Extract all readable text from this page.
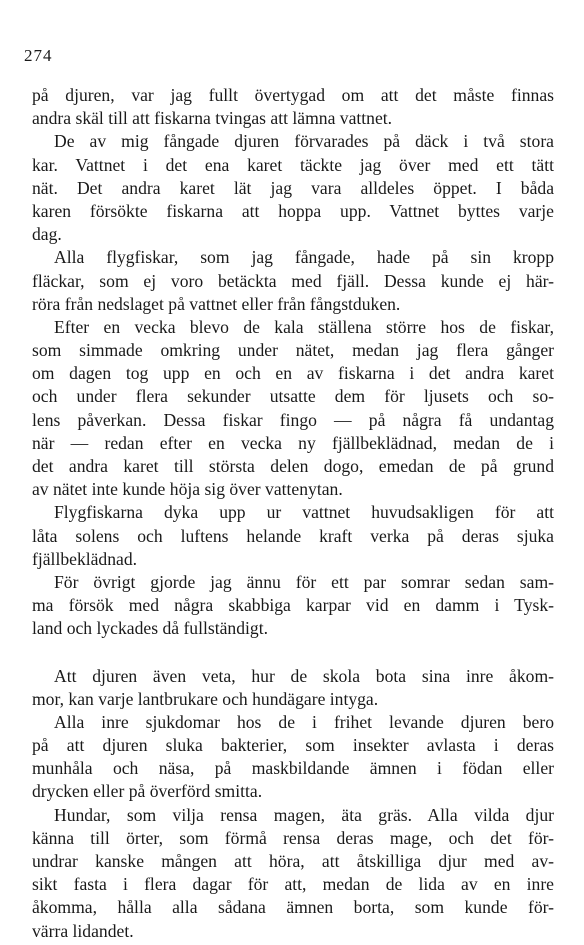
274
på djuren, var jag fullt övertygad om att det måste finnas
andra skäl till att fiskarna tvingas att lämna vattnet.
De av mig fångade djuren förvarades på däck i två stora
kar. Vattnet i det ena karet täckte jag över med ett tätt
nät. Det andra karet lät jag vara alldeles öppet. I båda
karen försökte fiskarna att hoppa upp. Vattnet byttes varje
dag.
Alla flygfiskar, som jag fångade, hade på sin kropp
fläckar, som ej voro betäckta med fjäll. Dessa kunde ej här-
röra från nedslaget på vattnet eller från fångstduken.
Efter en vecka blevo de kala ställena större hos de fiskar,
som simmade omkring under nätet, medan jag flera gånger
om dagen tog upp en och en av fiskarna i det andra karet
och under flera sekunder utsatte dem för ljusets och so-
lens påverkan. Dessa fiskar fingo — på några få undantag
när — redan efter en vecka ny fjällbeklädnad, medan de i
det andra karet till största delen dogo, emedan de på grund
av nätet inte kunde höja sig över vattenytan.
Flygfiskarna dyka upp ur vattnet huvudsakligen för att
låta solens och luftens helande kraft verka på deras sjuka
fjällbeklädnad.
För övrigt gjorde jag ännu för ett par somrar sedan sam-
ma försök med några skabbiga karpar vid en damm i Tysk-
land och lyckades då fullständigt.
Att djuren även veta, hur de skola bota sina inre åkom-
mor, kan varje lantbrukare och hundägare intyga.
Alla inre sjukdomar hos de i frihet levande djuren bero
på att djuren sluka bakterier, som insekter avlasta i deras
munhåla och näsa, på maskbildande ämnen i födan eller
drycken eller på överförd smitta.
Hundar, som vilja rensa magen, äta gräs. Alla vilda djur
känna till örter, som förmå rensa deras mage, och det för-
undrar kanske mången att höra, att åtskilliga djur med av-
sikt fasta i flera dagar för att, medan de lida av en inre
åkomma, hålla alla sådana ämnen borta, som kunde för-
värra lidandet.
